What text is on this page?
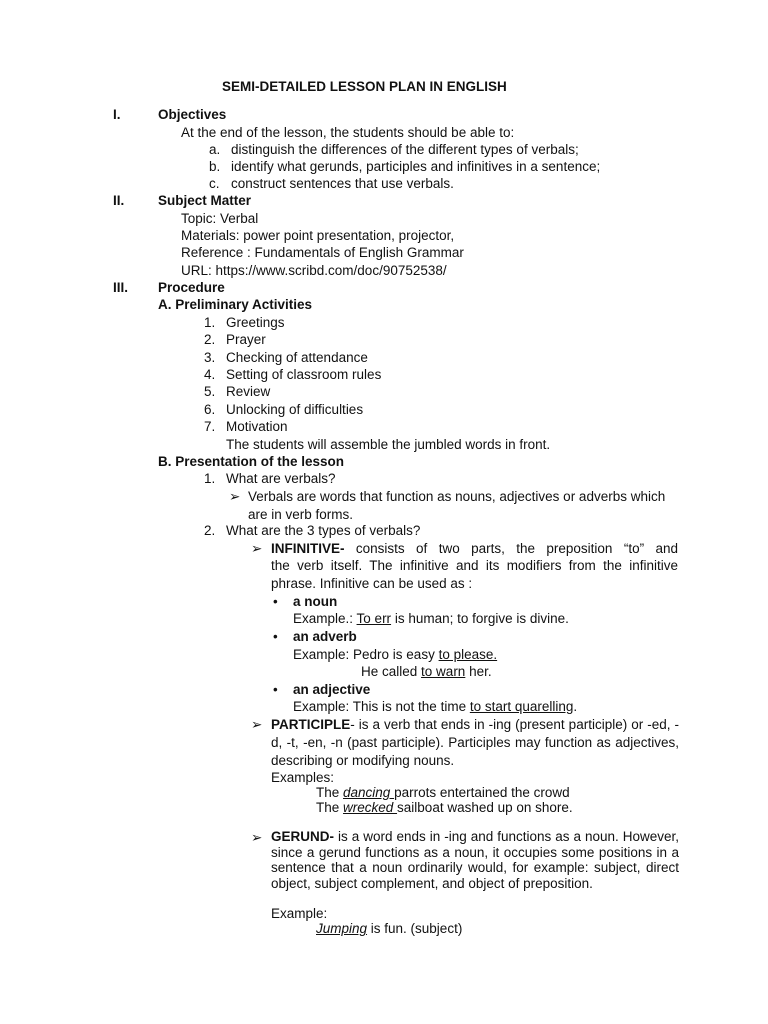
SEMI-DETAILED LESSON PLAN IN ENGLISH
I.	Objectives
At the end of the lesson, the students should be able to:
a. distinguish the differences of the different types of verbals;
b. identify what gerunds, participles and infinitives in a sentence;
c. construct sentences that use verbals.
II. Subject Matter
Topic: Verbal
Materials: power point presentation, projector,
Reference : Fundamentals of English Grammar
URL: https://www.scribd.com/doc/90752538/
III. Procedure
A. Preliminary Activities
1. Greetings
2. Prayer
3. Checking of attendance
4. Setting of classroom rules
5. Review
6. Unlocking of difficulties
7. Motivation
The students will assemble the jumbled words in front.
B. Presentation of the lesson
1. What are verbals?
➢ Verbals are words that function as nouns, adjectives or adverbs which are in verb forms.
2. What are the 3 types of verbals?
➢ INFINITIVE- consists of two parts, the preposition “to” and
the verb itself. The infinitive and its modifiers from the infinitive phrase. Infinitive can be used as :
• a noun
Example.: To err is human; to forgive is divine.
• an adverb
Example: Pedro is easy to please.
He called to warn her.
• an adjective
Example: This is not the time to start quarelling.
➢ PARTICIPLE- is a verb that ends in -ing (present participle) or -ed, -d, -t, -en, -n (past participle). Participles may function as adjectives, describing or modifying nouns.
Examples:
The dancing parrots entertained the crowd
The wrecked sailboat washed up on shore.
➢ GERUND- is a word ends in -ing and functions as a noun. However, since a gerund functions as a noun, it occupies some positions in a sentence that a noun ordinarily would, for example: subject, direct object, subject complement, and object of preposition.
Example:
Jumping is fun. (subject)
